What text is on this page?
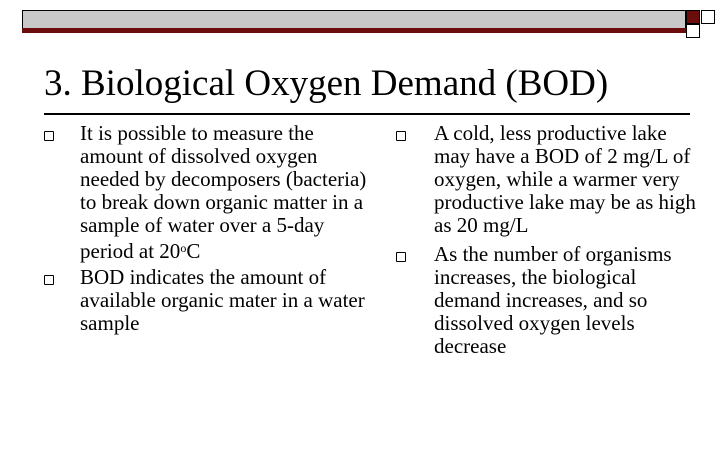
3. Biological Oxygen Demand (BOD)
It is possible to measure the amount of dissolved oxygen needed by decomposers (bacteria) to break down organic matter in a sample of water over a 5-day period at 20$^o$C
BOD indicates the amount of available organic mater in a water sample
A cold, less productive lake may have a BOD of 2 mg/L of oxygen, while a warmer very productive lake may be as high as 20 mg/L
As the number of organisms increases, the biological demand increases, and so dissolved oxygen levels decrease
